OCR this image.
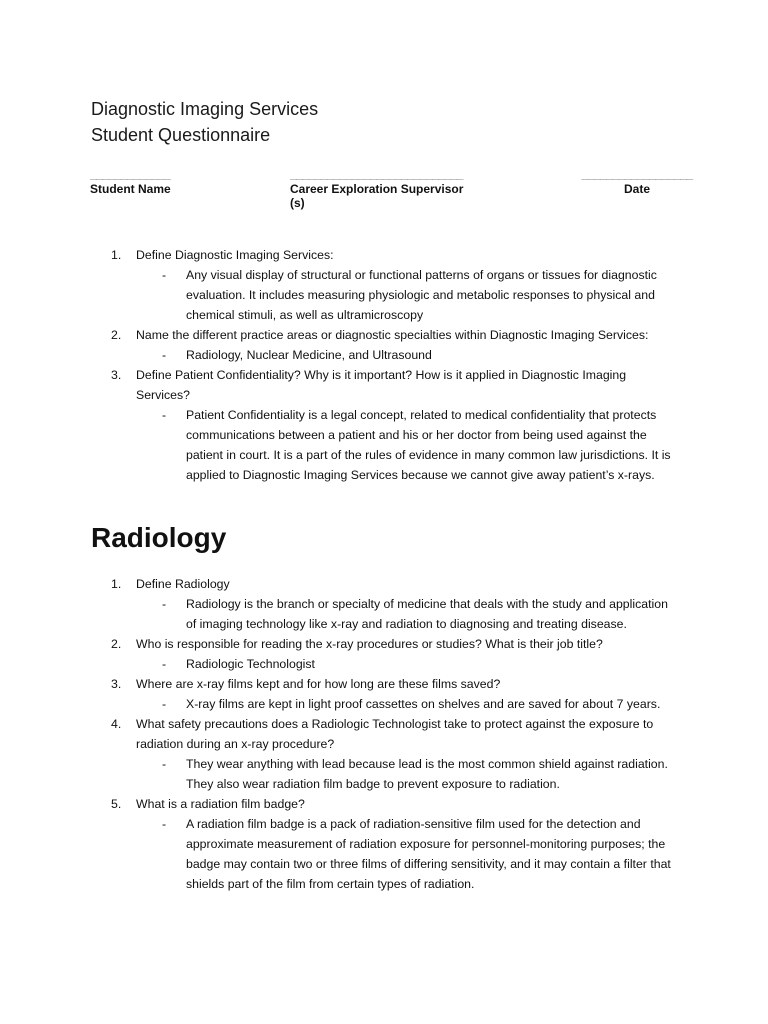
Diagnostic Imaging Services
Student Questionnaire
_____________
Student Name
____________________________
Career Exploration Supervisor (s)
__________________
Date
1. Define Diagnostic Imaging Services:
- Any visual display of structural or functional patterns of organs or tissues for diagnostic evaluation. It includes measuring physiologic and metabolic responses to physical and chemical stimuli, as well as ultramicroscopy
2. Name the different practice areas or diagnostic specialties within Diagnostic Imaging Services:
- Radiology, Nuclear Medicine, and Ultrasound
3. Define Patient Confidentiality? Why is it important? How is it applied in Diagnostic Imaging Services?
- Patient Confidentiality is a legal concept, related to medical confidentiality that protects communications between a patient and his or her doctor from being used against the patient in court. It is a part of the rules of evidence in many common law jurisdictions. It is applied to Diagnostic Imaging Services because we cannot give away patient’s x-rays.
Radiology
1. Define Radiology
- Radiology is the branch or specialty of medicine that deals with the study and application of imaging technology like x-ray and radiation to diagnosing and treating disease.
2. Who is responsible for reading the x-ray procedures or studies? What is their job title?
- Radiologic Technologist
3. Where are x-ray films kept and for how long are these films saved?
- X-ray films are kept in light proof cassettes on shelves and are saved for about 7 years.
4. What safety precautions does a Radiologic Technologist take to protect against the exposure to radiation during an x-ray procedure?
- They wear anything with lead because lead is the most common shield against radiation. They also wear radiation film badge to prevent exposure to radiation.
5. What is a radiation film badge?
- A radiation film badge is a pack of radiation-sensitive film used for the detection and approximate measurement of radiation exposure for personnel-monitoring purposes; the badge may contain two or three films of differing sensitivity, and it may contain a filter that shields part of the film from certain types of radiation.
